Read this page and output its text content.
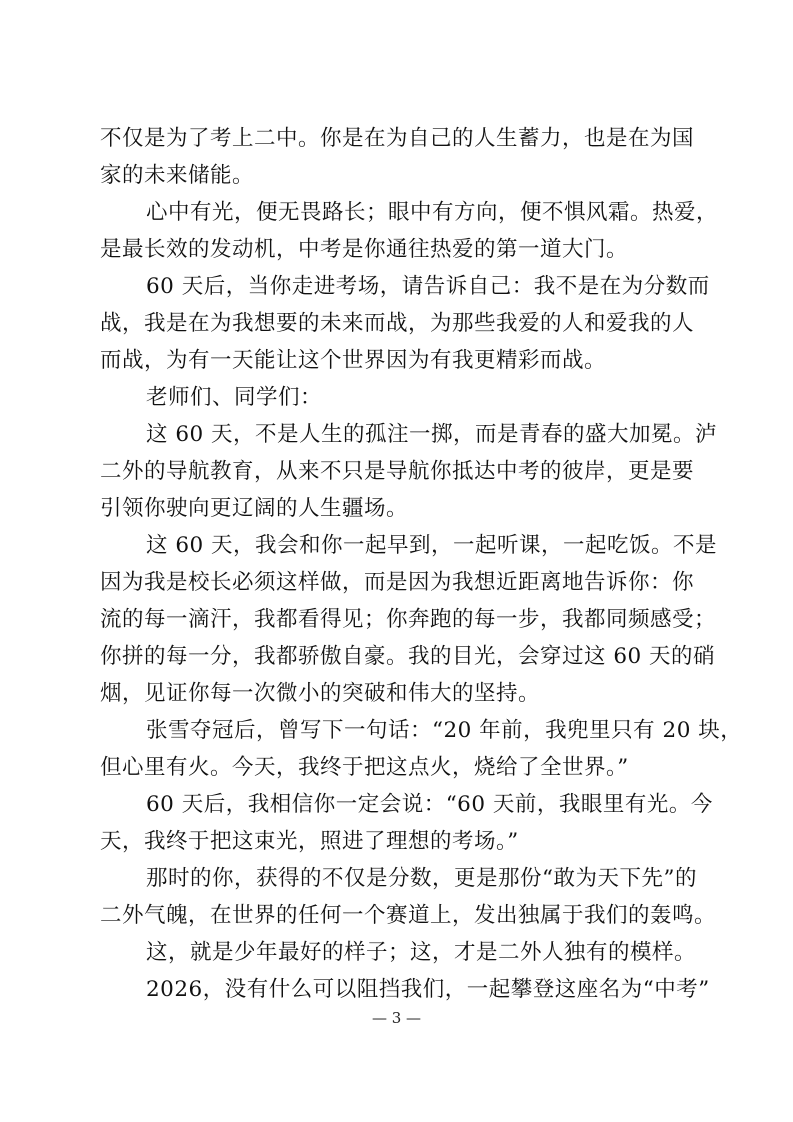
不仅是为了考上二中。你是在为自己的人生蓄力，也是在为国
家的未来储能。
心中有光，便无畏路长；眼中有方向，便不惧风霜。热爱，
是最长效的发动机，中考是你通往热爱的第一道大门。
60 天后，当你走进考场，请告诉自己：我不是在为分数而
战，我是在为我想要的未来而战，为那些我爱的人和爱我的人
而战，为有一天能让这个世界因为有我更精彩而战。
老师们、同学们：
这 60 天，不是人生的孤注一掷，而是青春的盛大加冕。泸
二外的导航教育，从来不只是导航你抵达中考的彼岸，更是要
引领你驶向更辽阔的人生疆场。
这 60 天，我会和你一起早到，一起听课，一起吃饭。不是
因为我是校长必须这样做，而是因为我想近距离地告诉你：你
流的每一滴汗，我都看得见；你奔跑的每一步，我都同频感受；
你拼的每一分，我都骄傲自豪。我的目光，会穿过这 60 天的硝
烟，见证你每一次微小的突破和伟大的坚持。
张雪夺冠后，曾写下一句话：“20 年前，我兜里只有 20 块，
但心里有火。今天，我终于把这点火，烧给了全世界。”
60 天后，我相信你一定会说：“60 天前，我眼里有光。今
天，我终于把这束光，照进了理想的考场。”
那时的你，获得的不仅是分数，更是那份“敢为天下先”的
二外气魄，在世界的任何一个赛道上，发出独属于我们的轰鸣。
这，就是少年最好的样子；这，才是二外人独有的模样。
2026，没有什么可以阻挡我们，一起攀登这座名为“中考”
— 3 —
